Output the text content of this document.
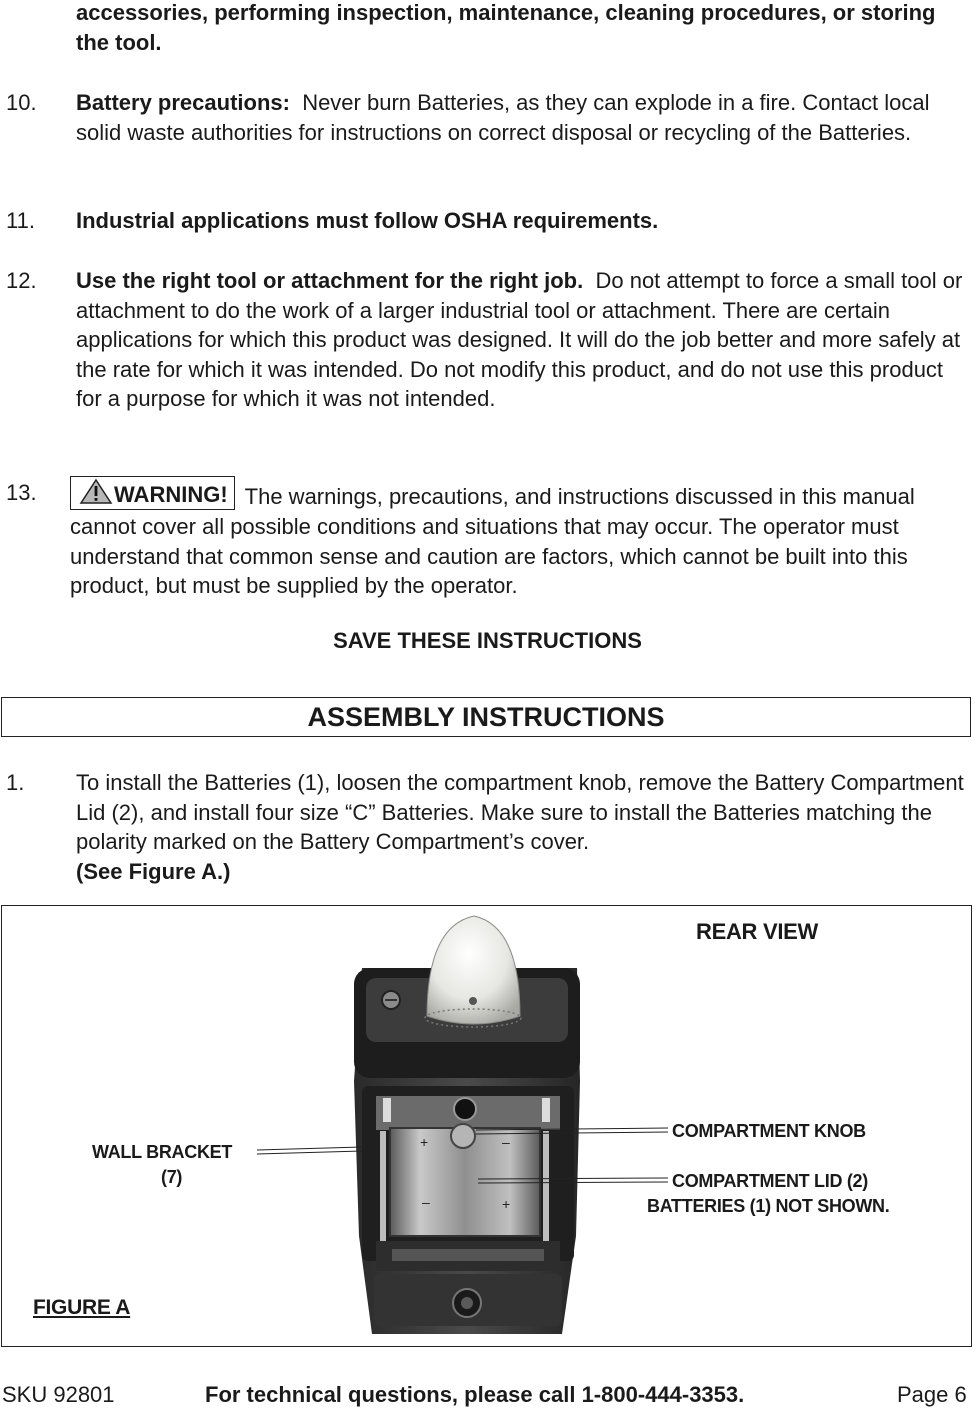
accessories, performing inspection, maintenance, cleaning procedures, or storing the tool.
10. Battery precautions: Never burn Batteries, as they can explode in a fire. Contact local solid waste authorities for instructions on correct disposal or recycling of the Batteries.
11. Industrial applications must follow OSHA requirements.
12. Use the right tool or attachment for the right job. Do not attempt to force a small tool or attachment to do the work of a larger industrial tool or attachment. There are certain applications for which this product was designed. It will do the job better and more safely at the rate for which it was intended. Do not modify this product, and do not use this product for a purpose for which it was not intended.
13.	WARNING! The warnings, precautions, and instructions discussed in this manual cannot cover all possible conditions and situations that may occur. The operator must understand that common sense and caution are factors, which cannot be built into this product, but must be supplied by the operator.
SAVE THESE INSTRUCTIONS
ASSEMBLY INSTRUCTIONS
1. To install the Batteries (1), loosen the compartment knob, remove the Battery Compartment Lid (2), and install four size “C” Batteries. Make sure to install the Batteries matching the polarity marked on the Battery Compartment’s cover.
(See Figure A.)
+	–
–	+
REAR VIEW
WALL BRACKET
(7)
COMPARTMENT KNOB
COMPARTMENT LID (2)
BATTERIES (1) NOT SHOWN.
FIGURE A
SKU 92801	For technical questions, please call 1-800-444-3353.	Page 6
